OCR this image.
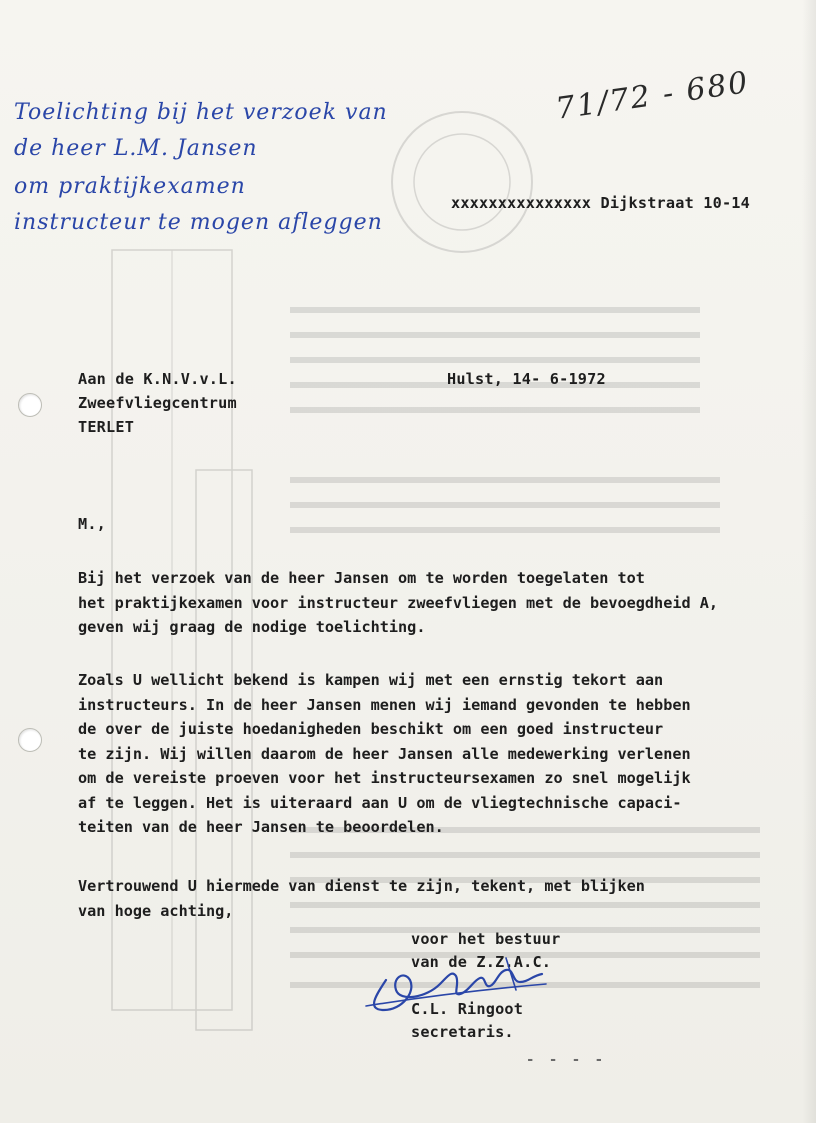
Toelichting bij het verzoek van
de heer L.M. Jansen
om praktijkexamen
instructeur te mogen afleggen
71/72 - 680
xxxxxxxxxxxxxxx Dijkstraat 10-14
Aan de K.N.V.v.L.
Zweefvliegcentrum
TERLET
Hulst, 14- 6-1972
M.,
Bij het verzoek van de heer Jansen om te worden toegelaten tot
het praktijkexamen voor instructeur zweefvliegen met de bevoegdheid A,
geven wij graag de nodige toelichting.
Zoals U wellicht bekend is kampen wij met een ernstig tekort aan
instructeurs. In de heer Jansen menen wij iemand gevonden te hebben
de over de juiste hoedanigheden beschikt om een goed instructeur
te zijn. Wij willen daarom de heer Jansen alle medewerking verlenen
om de vereiste proeven voor het instructeursexamen zo snel mogelijk
af te leggen. Het is uiteraard aan U om de vliegtechnische capaci-
teiten van de heer Jansen te beoordelen.
Vertrouwend U hiermede van dienst te zijn, tekent, met blijken
van hoge achting,
voor het bestuur
van de Z.Z.A.C.
C.L. Ringoot
secretaris.
- - - -
